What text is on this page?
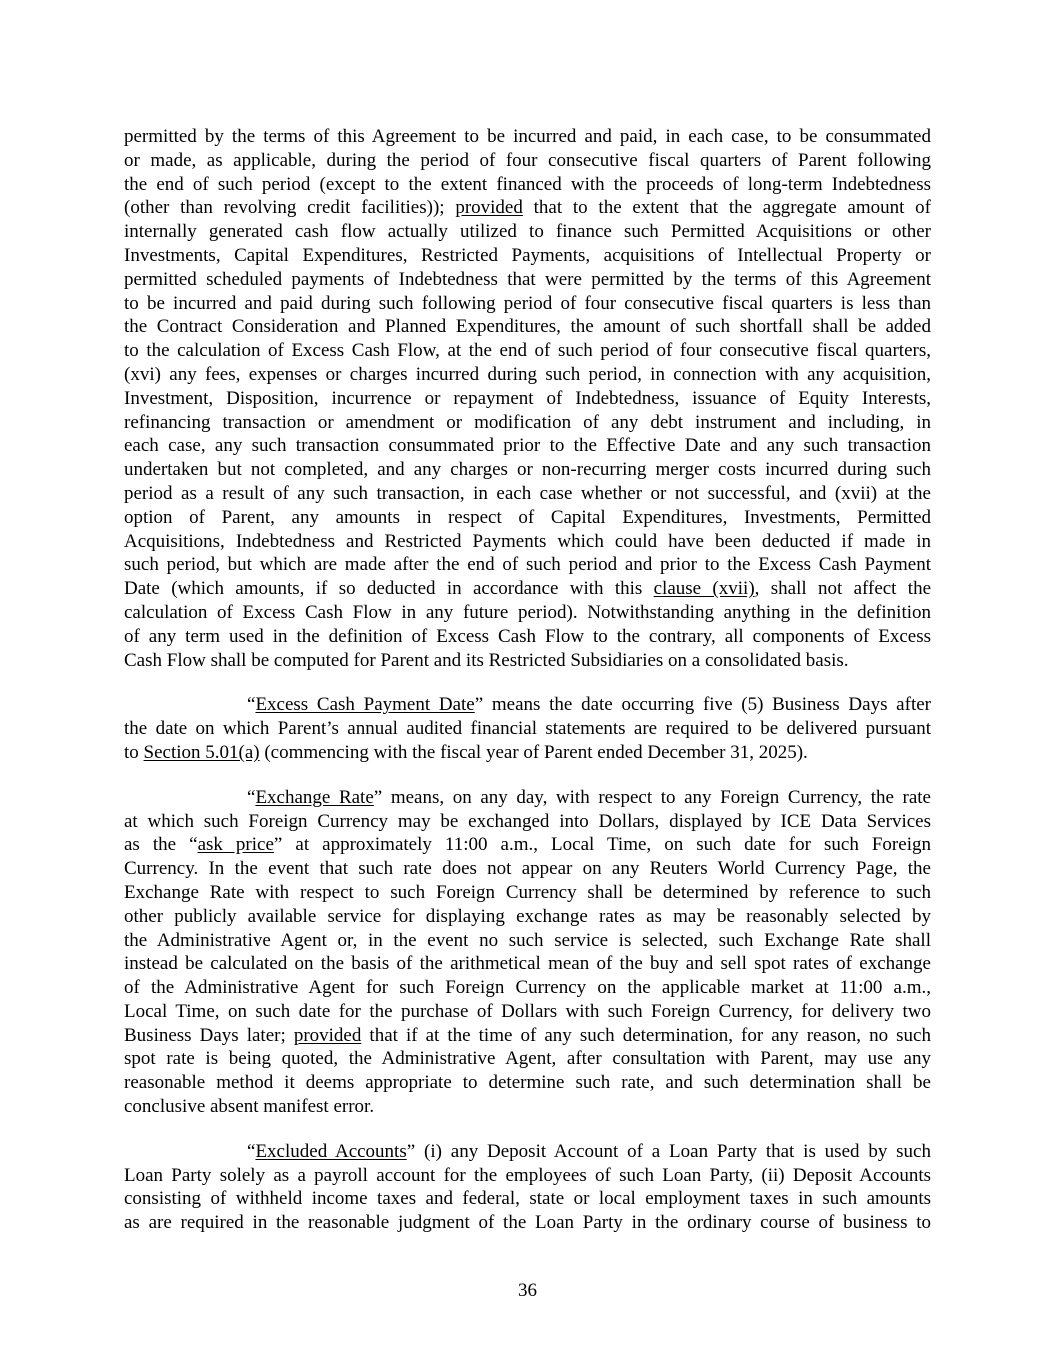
permitted by the terms of this Agreement to be incurred and paid, in each case, to be consummated
or made, as applicable, during the period of four consecutive fiscal quarters of Parent following
the end of such period (except to the extent financed with the proceeds of long-term Indebtedness
(other than revolving credit facilities)); provided that to the extent that the aggregate amount of
internally generated cash flow actually utilized to finance such Permitted Acquisitions or other
Investments, Capital Expenditures, Restricted Payments, acquisitions of Intellectual Property or
permitted scheduled payments of Indebtedness that were permitted by the terms of this Agreement
to be incurred and paid during such following period of four consecutive fiscal quarters is less than
the Contract Consideration and Planned Expenditures, the amount of such shortfall shall be added
to the calculation of Excess Cash Flow, at the end of such period of four consecutive fiscal quarters,
(xvi) any fees, expenses or charges incurred during such period, in connection with any acquisition,
Investment, Disposition, incurrence or repayment of Indebtedness, issuance of Equity Interests,
refinancing transaction or amendment or modification of any debt instrument and including, in
each case, any such transaction consummated prior to the Effective Date and any such transaction
undertaken but not completed, and any charges or non-recurring merger costs incurred during such
period as a result of any such transaction, in each case whether or not successful, and (xvii) at the
option of Parent, any amounts in respect of Capital Expenditures, Investments, Permitted
Acquisitions, Indebtedness and Restricted Payments which could have been deducted if made in
such period, but which are made after the end of such period and prior to the Excess Cash Payment
Date (which amounts, if so deducted in accordance with this clause (xvii), shall not affect the
calculation of Excess Cash Flow in any future period). Notwithstanding anything in the definition
of any term used in the definition of Excess Cash Flow to the contrary, all components of Excess
Cash Flow shall be computed for Parent and its Restricted Subsidiaries on a consolidated basis.
“Excess Cash Payment Date” means the date occurring five (5) Business Days after
the date on which Parent’s annual audited financial statements are required to be delivered pursuant
to Section 5.01(a) (commencing with the fiscal year of Parent ended December 31, 2025).
“Exchange Rate” means, on any day, with respect to any Foreign Currency, the rate
at which such Foreign Currency may be exchanged into Dollars, displayed by ICE Data Services
as the “ask price” at approximately 11:00 a.m., Local Time, on such date for such Foreign
Currency. In the event that such rate does not appear on any Reuters World Currency Page, the
Exchange Rate with respect to such Foreign Currency shall be determined by reference to such
other publicly available service for displaying exchange rates as may be reasonably selected by
the Administrative Agent or, in the event no such service is selected, such Exchange Rate shall
instead be calculated on the basis of the arithmetical mean of the buy and sell spot rates of exchange
of the Administrative Agent for such Foreign Currency on the applicable market at 11:00 a.m.,
Local Time, on such date for the purchase of Dollars with such Foreign Currency, for delivery two
Business Days later; provided that if at the time of any such determination, for any reason, no such
spot rate is being quoted, the Administrative Agent, after consultation with Parent, may use any
reasonable method it deems appropriate to determine such rate, and such determination shall be
conclusive absent manifest error.
“Excluded Accounts” (i) any Deposit Account of a Loan Party that is used by such
Loan Party solely as a payroll account for the employees of such Loan Party, (ii) Deposit Accounts
consisting of withheld income taxes and federal, state or local employment taxes in such amounts
as are required in the reasonable judgment of the Loan Party in the ordinary course of business to
36
